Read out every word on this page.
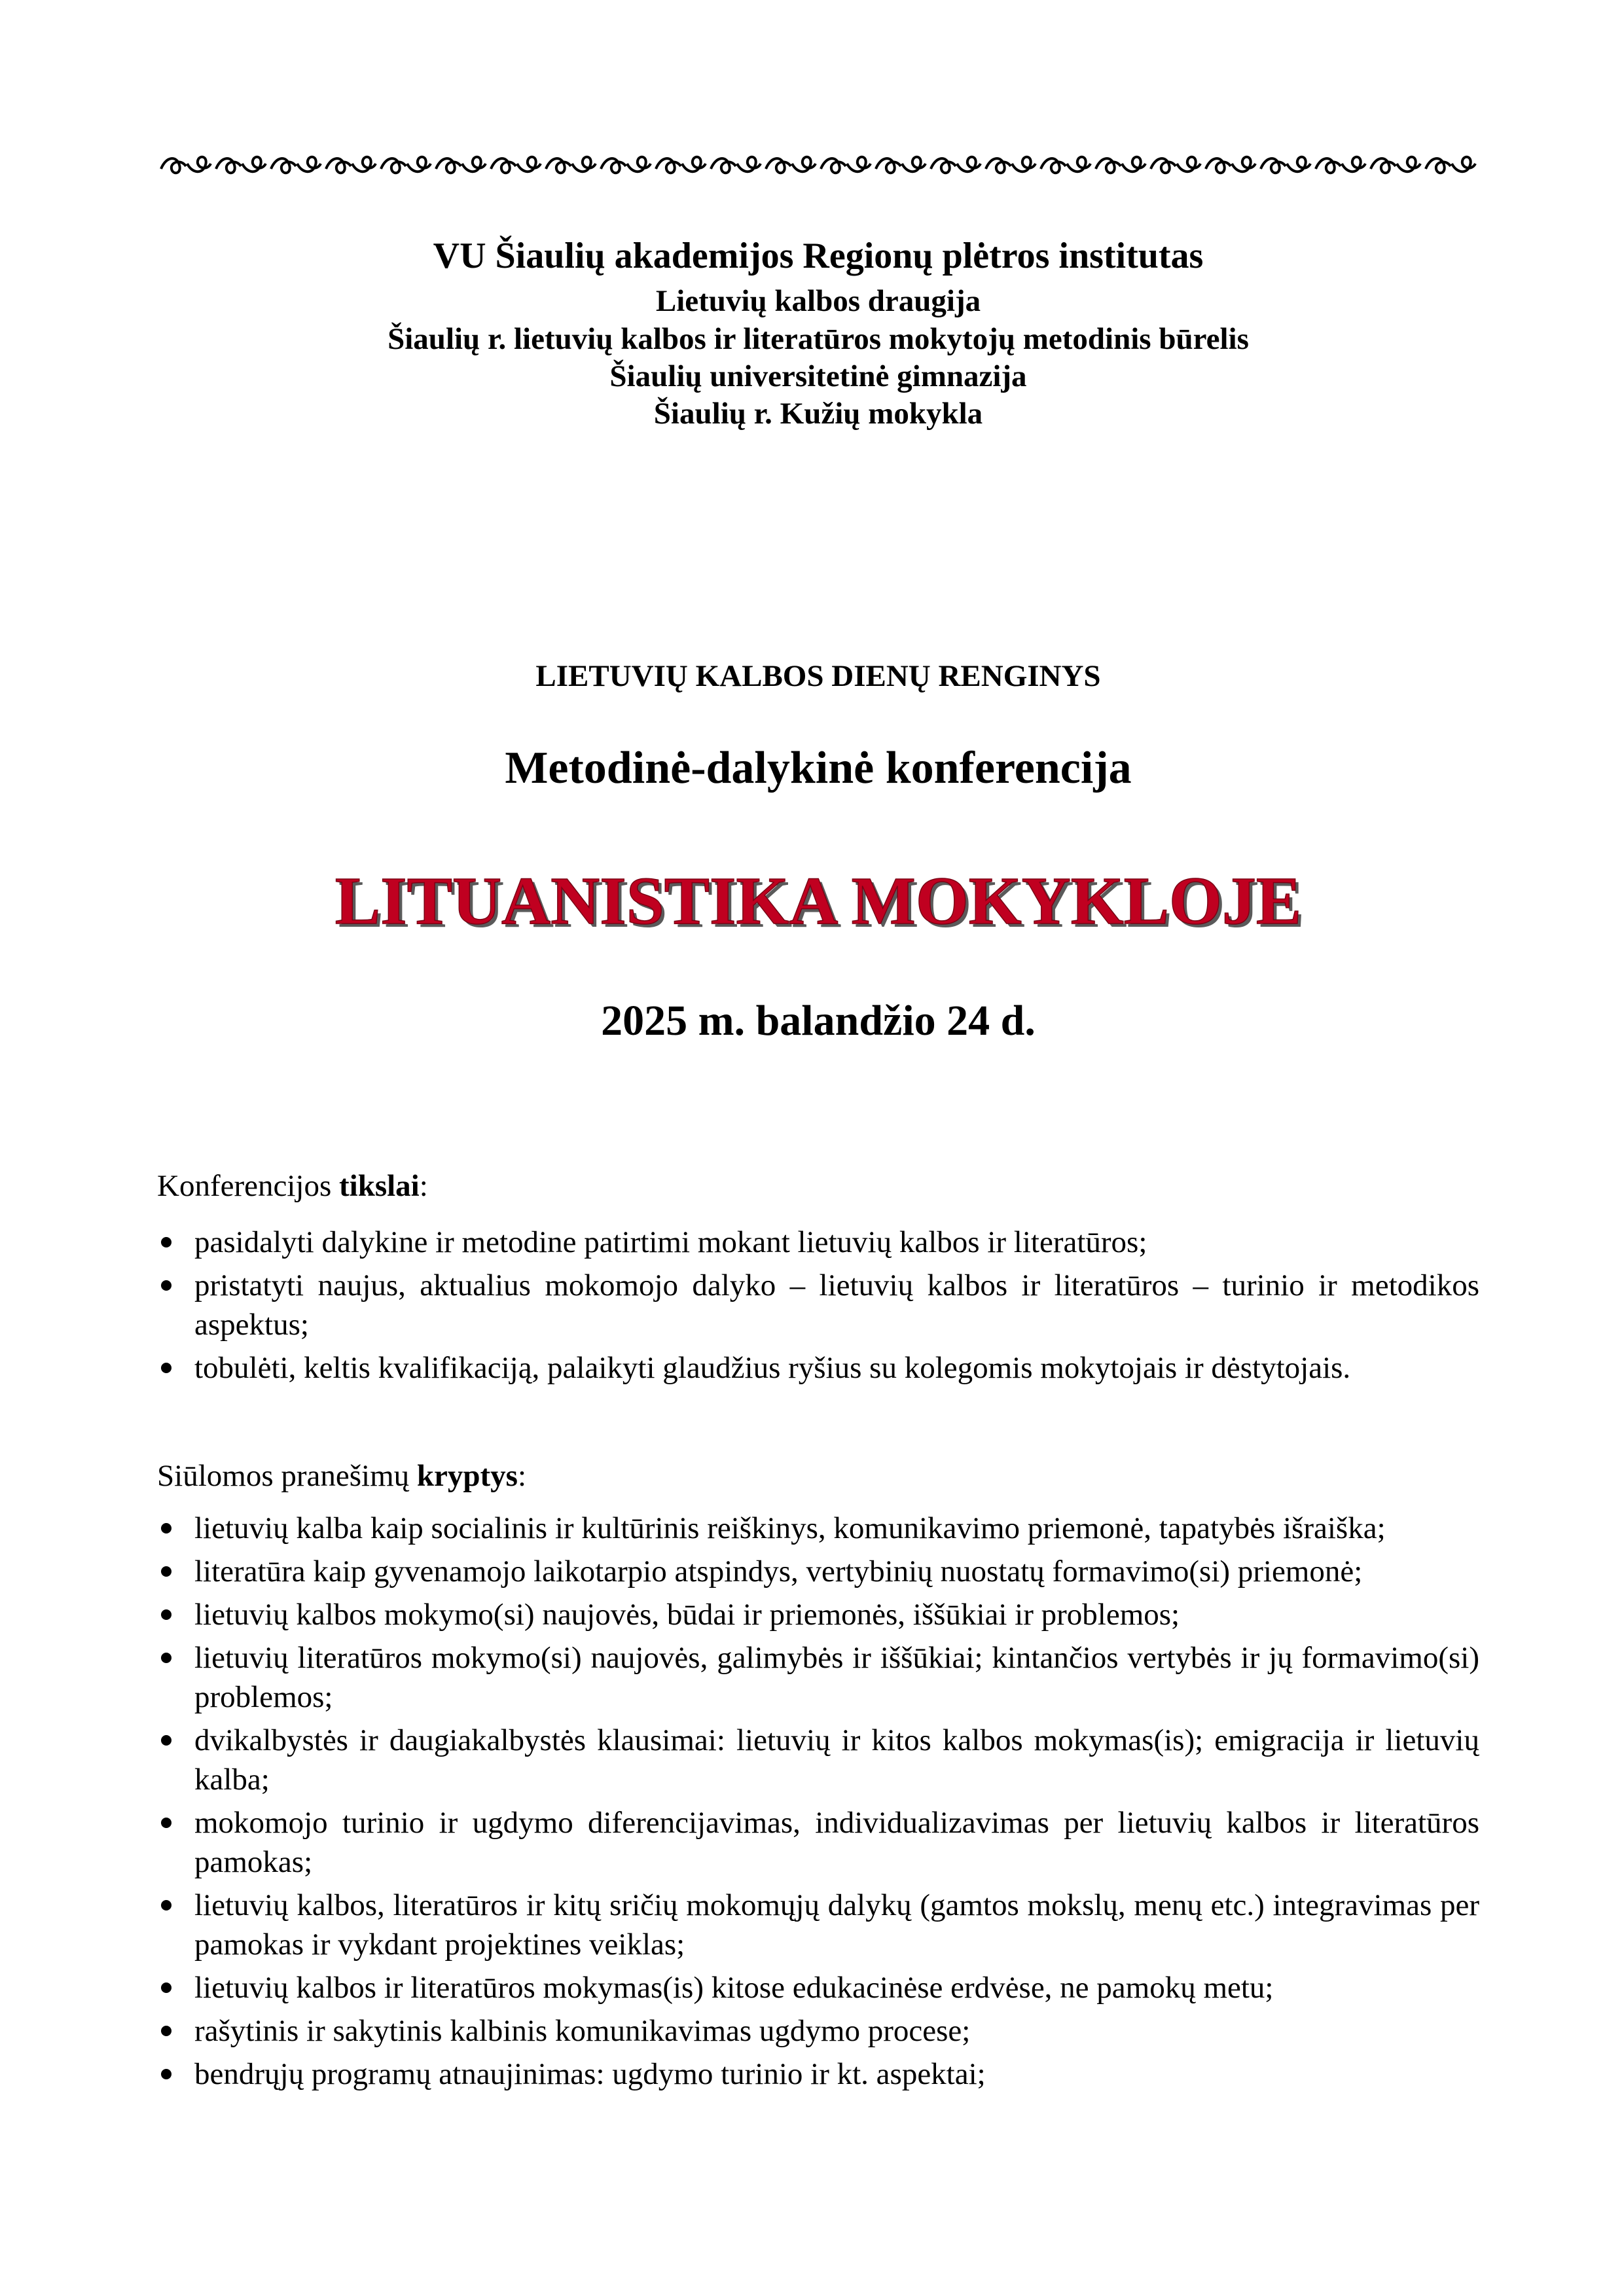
VU Šiaulių akademijos Regionų plėtros institutas
Lietuvių kalbos draugija
Šiaulių r. lietuvių kalbos ir literatūros mokytojų metodinis būrelis
Šiaulių universitetinė gimnazija
Šiaulių r. Kužių mokykla
LIETUVIŲ KALBOS DIENŲ RENGINYS
Metodinė-dalykinė konferencija
LITUANISTIKA MOKYKLOJE
2025 m. balandžio 24 d.
Konferencijos tikslai:
pasidalyti dalykine ir metodine patirtimi mokant lietuvių kalbos ir literatūros;
pristatyti naujus, aktualius mokomojo dalyko – lietuvių kalbos ir literatūros – turinio ir metodikos aspektus;
tobulėti, keltis kvalifikaciją, palaikyti glaudžius ryšius su kolegomis mokytojais ir dėstytojais.
Siūlomos pranešimų kryptys:
lietuvių kalba kaip socialinis ir kultūrinis reiškinys, komunikavimo priemonė, tapatybės išraiška;
literatūra kaip gyvenamojo laikotarpio atspindys, vertybinių nuostatų formavimo(si) priemonė;
lietuvių kalbos mokymo(si) naujovės, būdai ir priemonės, iššūkiai ir problemos;
lietuvių literatūros mokymo(si) naujovės, galimybės ir iššūkiai; kintančios vertybės ir jų formavimo(si) problemos;
dvikalbystės ir daugiakalbystės klausimai: lietuvių ir kitos kalbos mokymas(is); emigracija ir lietuvių kalba;
mokomojo turinio ir ugdymo diferencijavimas, individualizavimas per lietuvių kalbos ir literatūros pamokas;
lietuvių kalbos, literatūros ir kitų sričių mokomųjų dalykų (gamtos mokslų, menų etc.) integravimas per pamokas ir vykdant projektines veiklas;
lietuvių kalbos ir literatūros mokymas(is) kitose edukacinėse erdvėse, ne pamokų metu;
rašytinis ir sakytinis kalbinis komunikavimas ugdymo procese;
bendrųjų programų atnaujinimas: ugdymo turinio ir kt. aspektai;
